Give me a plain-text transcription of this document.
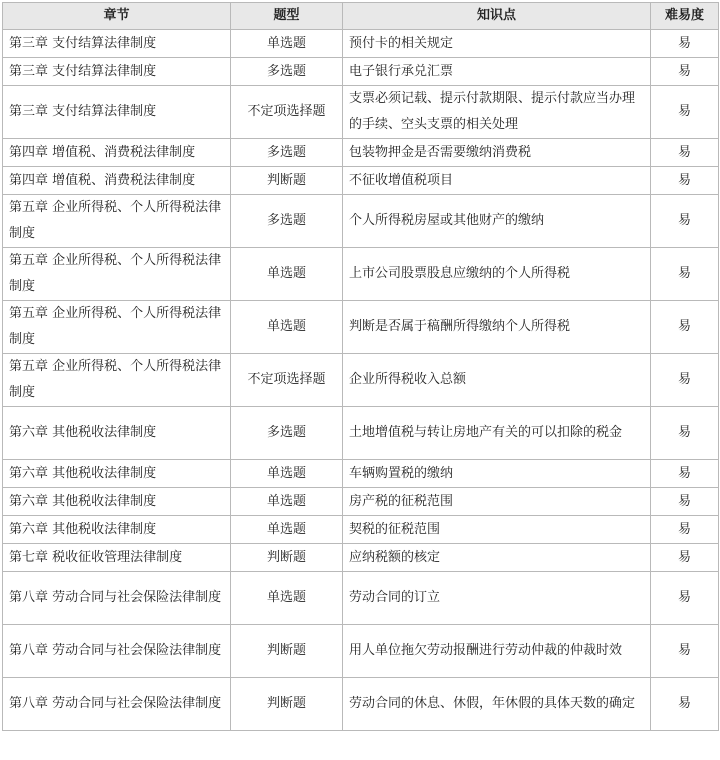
章节	题型	知识点	难易度
第三章 支付结算法律制度	单选题	预付卡的相关规定	易
第三章 支付结算法律制度	多选题	电子银行承兑汇票	易
第三章 支付结算法律制度	不定项选择题	支票必须记载、提示付款期限、提示付款应当办理的手续、空头支票的相关处理	易
第四章 增值税、消费税法律制度	多选题	包装物押金是否需要缴纳消费税	易
第四章 增值税、消费税法律制度	判断题	不征收增值税项目	易
第五章 企业所得税、个人所得税法律制度	多选题	个人所得税房屋或其他财产的缴纳	易
第五章 企业所得税、个人所得税法律制度	单选题	上市公司股票股息应缴纳的个人所得税	易
第五章 企业所得税、个人所得税法律制度	单选题	判断是否属于稿酬所得缴纳个人所得税	易
第五章 企业所得税、个人所得税法律制度	不定项选择题	企业所得税收入总额	易
第六章 其他税收法律制度	多选题	土地增值税与转让房地产有关的可以扣除的税金	易
第六章 其他税收法律制度	单选题	车辆购置税的缴纳	易
第六章 其他税收法律制度	单选题	房产税的征税范围	易
第六章 其他税收法律制度	单选题	契税的征税范围	易
第七章 税收征收管理法律制度	判断题	应纳税额的核定	易
第八章 劳动合同与社会保险法律制度	单选题	劳动合同的订立	易
第八章 劳动合同与社会保险法律制度	判断题	用人单位拖欠劳动报酬进行劳动仲裁的仲裁时效	易
第八章 劳动合同与社会保险法律制度	判断题	劳动合同的休息、休假，年休假的具体天数的确定	易
